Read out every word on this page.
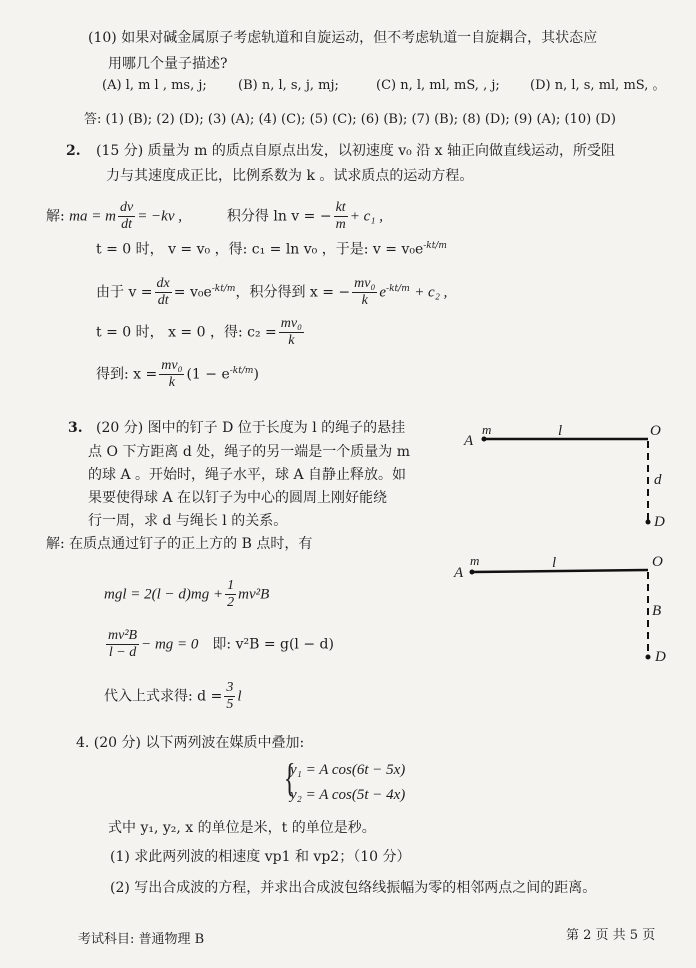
(10) 如果对碱金属原子考虑轨道和自旋运动，但不考虑轨道一自旋耦合，其状态应
用哪几个量子描述?
(A) l, m l , ms, j; (B) n, l, s, j, mj;	(C) n, l, ml, mS, , j; (D) n, l, s, ml, mS, 。
答: (1) (B); (2) (D); (3) (A); (4) (C); (5) (C); (6) (B); (7) (B); (8) (D); (9) (A); (10) (D)
2. (15 分) 质量为 m 的质点自原点出发，以初速度 v₀ 沿 x 轴正向做直线运动，所受阻
力与其速度成正比，比例系数为 k 。试求质点的运动方程。
解: ma = m $\frac{dv}{dt} = -kv$ ,	积分得 ln v = − $\frac{kt}{m} + c_1$ ,
t = 0 时， v = v₀ ，得: c₁ = ln v₀ ，于是: $v = v_0e^{-kt/m}$
由于 $v = \frac{dx}{dt} = v_0e^{-kt/m}$，积分得到 x = − $\frac{\text{mv₀}}{k} e^{-kt/m} + c_2$ ,
t = 0 时， x = 0 ，得: $c_2 = \frac{\text{mv₀}}{k}$
得到: $x = \frac{\text{mv₀}}{k} (1 - e^{-kt/m})$
3. (20 分) 图中的钉子 D 位于长度为 l 的绳子的悬挂
点 O 下方距离 d 处，绳子的另一端是一个质量为 m
的球 A 。开始时，绳子水平，球 A 自静止释放。如
果要使得球 A 在以钉子为中心的圆周上刚好能绕
行一周，求 d 与绳长 l 的关系。
解: 在质点通过钉子的正上方的 B 点时，有
mgl = $2(l - d)mg + \frac{1}{2} mv^2B$
$\frac{\text{mv²B}}{l - d}$ − mg = 0 即: v²B = g(l − d)
代入上式求得: $d = \frac{3}{5}$ l
A
m	l	O
d
D
A
m	l	O
B
D
4. (20 分) 以下两列波在媒质中叠加:
{
y₁ = A cos(6t − 5x)
y₂ = A cos(5t − 4x)
式中 y₁, y₂, x 的单位是米，t 的单位是秒。
(1) 求此两列波的相速度 vp1 和 vp2；（10 分）
(2) 写出合成波的方程，并求出合成波包络线振幅为零的相邻两点之间的距离。
考试科目: 普通物理 B	第 2 页 共 5 页
